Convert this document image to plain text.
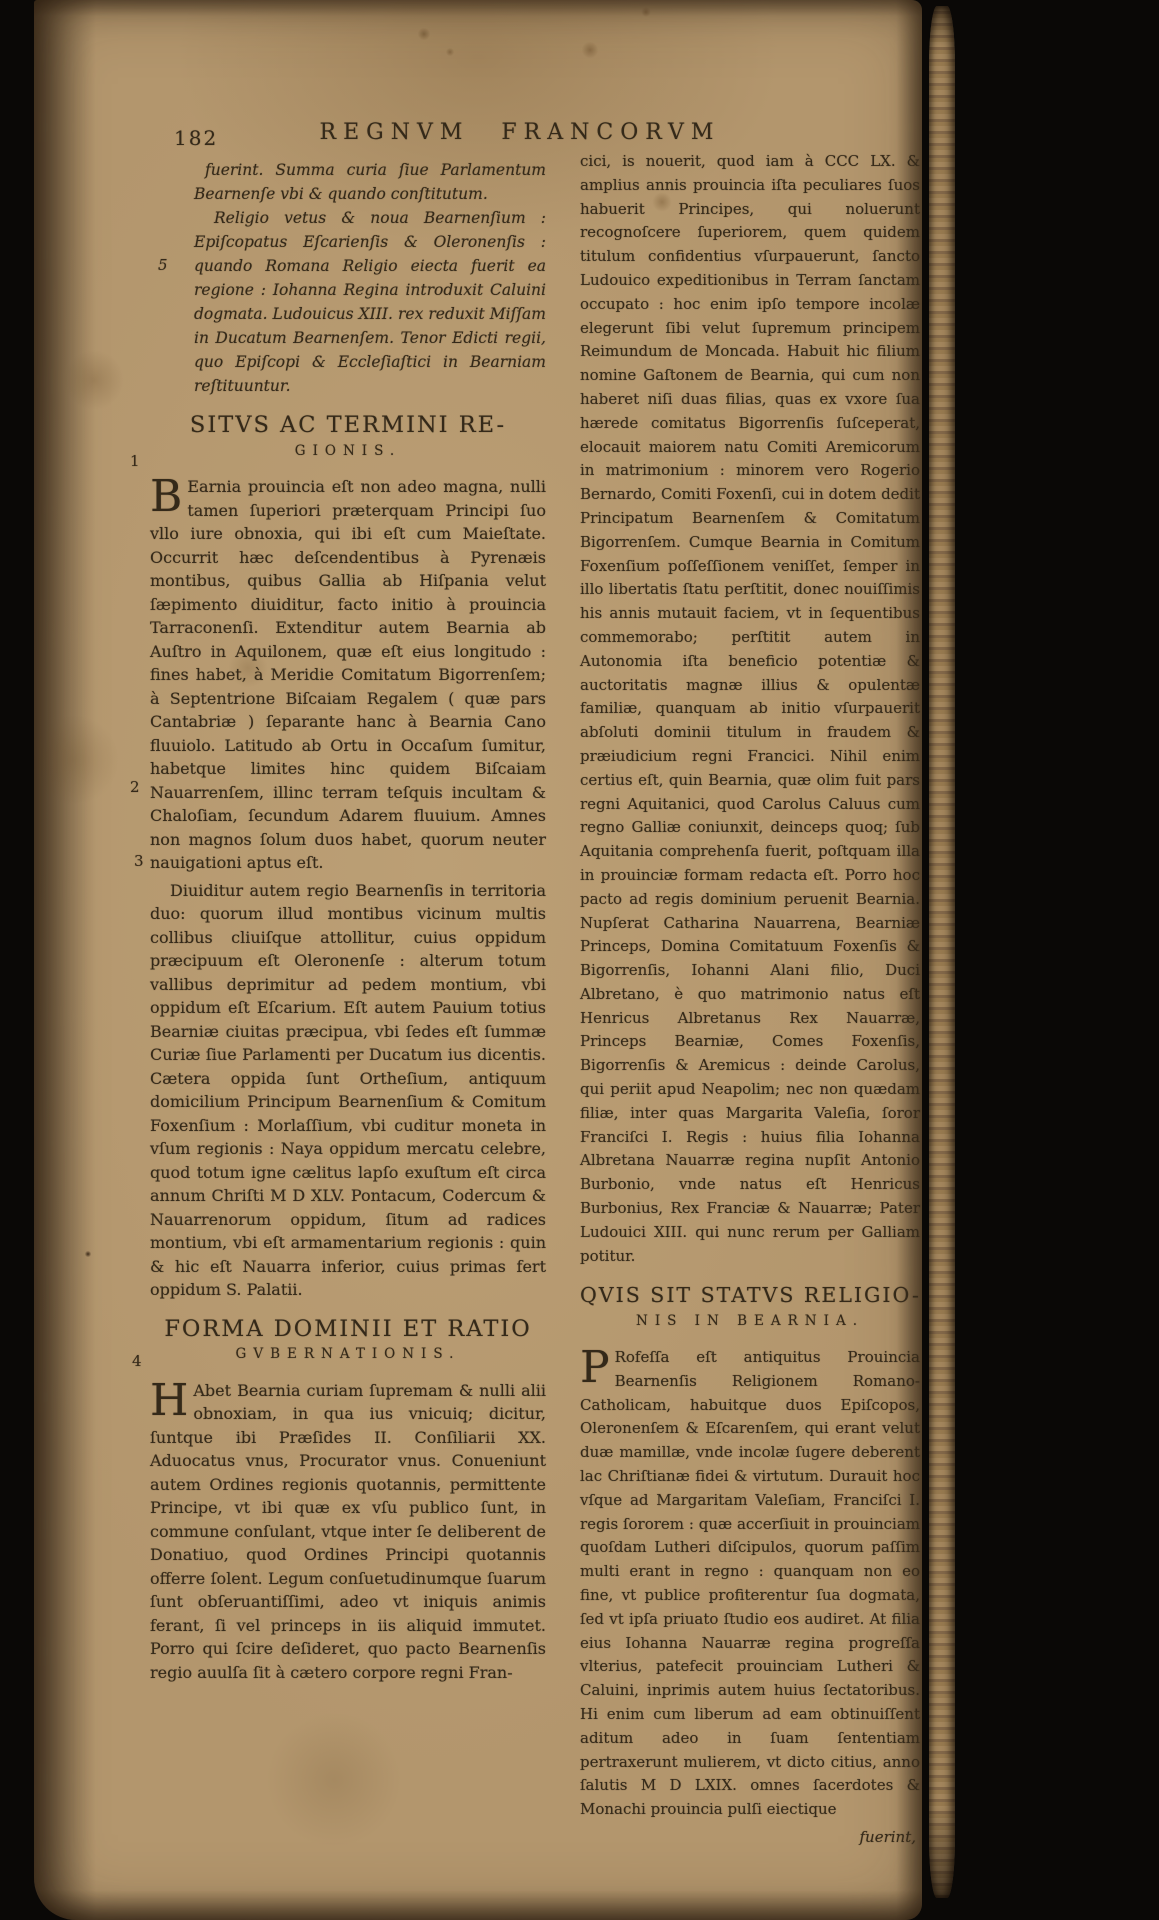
182	REGNVM FRANCORVM
5
1
2
3
4

fuerint. Summa curia ſiue Parlamentum Bearnenſe vbi & quando conſtitutum.

Religio vetus & noua Bearnenſium : Epiſcopatus Eſcarienſis & Oleronenſis : quando Romana Religio eiecta fuerit ea regione : Iohanna Regina introduxit Caluini dogmata. Ludouicus XIII. rex reduxit Miſſam in Ducatum Bearnenſem. Tenor Edicti regii, quo Epiſcopi & Eccleſiaſtici in Bearniam reſtituuntur.

SITVS AC TERMINI RE-
GIONIS.

B Earnia prouincia eſt non adeo magna, nulli tamen ſuperiori præterquam Principi ſuo vllo iure obnoxia, qui ibi eſt cum Maieſtate. Occurrit hæc deſcendentibus à Pyrenæis montibus, quibus Gallia ab Hiſpania velut ſæpimento diuiditur, facto initio à prouincia Tarraconenſi. Extenditur autem Bearnia ab Auſtro in Aquilonem, quæ eſt eius longitudo : fines habet, à Meridie Comitatum Bigorrenſem; à Septentrione Biſcaiam Regalem ( quæ pars Cantabriæ ) ſeparante hanc à Bearnia Cano fluuiolo. Latitudo ab Ortu in Occaſum ſumitur, habetque limites hinc quidem Biſcaiam Nauarrenſem, illinc terram teſquis incultam & Chaloſiam, ſecundum Adarem fluuium. Amnes non magnos ſolum duos habet, quorum neuter nauigationi aptus eſt.

Diuiditur autem regio Bearnenſis in territoria duo: quorum illud montibus vicinum multis collibus cliuiſque attollitur, cuius oppidum præcipuum eſt Oleronenſe : alterum totum vallibus deprimitur ad pedem montium, vbi oppidum eſt Eſcarium. Eſt autem Pauium totius Bearniæ ciuitas præcipua, vbi ſedes eſt ſummæ Curiæ ſiue Parlamenti per Ducatum ius dicentis. Cætera oppida ſunt Ortheſium, antiquum domicilium Principum Bearnenſium & Comitum Foxenſium : Morlaſſium, vbi cuditur moneta in vſum regionis : Naya oppidum mercatu celebre, quod totum igne cælitus lapſo exuſtum eſt circa annum Chriſti M D XLV. Pontacum, Codercum & Nauarrenorum oppidum, ſitum ad radices montium, vbi eſt armamentarium regionis : quin & hic eſt Nauarra inferior, cuius primas fert oppidum S. Palatii.

FORMA DOMINII ET RATIO
GVBERNATIONIS.

H Abet Bearnia curiam ſupremam & nulli alii obnoxiam, in qua ius vnicuiq; dicitur, ſuntque ibi Præſides II. Conſiliarii XX. Aduocatus vnus, Procurator vnus. Conueniunt autem Ordines regionis quotannis, permittente Principe, vt ibi quæ ex vſu publico ſunt, in commune conſulant, vtque inter ſe deliberent de Donatiuo, quod Ordines Principi quotannis offerre ſolent. Legum conſuetudinumque ſuarum ſunt obſeruantiſſimi, adeo vt iniquis animis ferant, ſi vel princeps in iis aliquid immutet. Porro qui ſcire deſideret, quo pacto Bearnenſis regio auulſa ſit à cætero corpore regni Fran-

cici, is nouerit, quod iam à CCC LX. & amplius annis prouincia iſta peculiares ſuos habuerit Principes, qui noluerunt recognoſcere ſuperiorem, quem quidem titulum confidentius vſurpauerunt, ſancto Ludouico expeditionibus in Terram ſanctam occupato : hoc enim ipſo tempore incolæ elegerunt ſibi velut ſupremum principem Reimundum de Moncada. Habuit hic filium nomine Gaſtonem de Bearnia, qui cum non haberet niſi duas filias, quas ex vxore ſua hærede comitatus Bigorrenſis ſuſceperat, elocauit maiorem natu Comiti Aremicorum in matrimonium : minorem vero Rogerio Bernardo, Comiti Foxenſi, cui in dotem dedit Principatum Bearnenſem & Comitatum Bigorrenſem. Cumque Bearnia in Comitum Foxenſium poſſeſſionem veniſſet, ſemper in illo libertatis ſtatu perſtitit, donec nouiſſimis his annis mutauit faciem, vt in ſequentibus commemorabo; perſtitit autem in Autonomia iſta beneficio potentiæ & auctoritatis magnæ illius & opulentæ familiæ, quanquam ab initio vſurpauerit abſoluti dominii titulum in fraudem & præiudicium regni Francici. Nihil enim certius eſt, quin Bearnia, quæ olim fuit pars regni Aquitanici, quod Carolus Caluus cum regno Galliæ coniunxit, deinceps quoq; ſub Aquitania comprehenſa fuerit, poſtquam illa in prouinciæ formam redacta eſt. Porro hoc pacto ad regis dominium peruenit Bearnia. Nupſerat Catharina Nauarrena, Bearniæ Princeps, Domina Comitatuum Foxenſis & Bigorrenſis, Iohanni Alani filio, Duci Albretano, è quo matrimonio natus eſt Henricus Albretanus Rex Nauarræ, Princeps Bearniæ, Comes Foxenſis, Bigorrenſis & Aremicus : deinde Carolus, qui periit apud Neapolim; nec non quædam filiæ, inter quas Margarita Valeſia, ſoror Franciſci I. Regis : huius filia Iohanna Albretana Nauarræ regina nupſit Antonio Burbonio, vnde natus eſt Henricus Burbonius, Rex Franciæ & Nauarræ; Pater Ludouici XIII. qui nunc rerum per Galliam potitur.

QVIS SIT STATVS RELIGIO-
NIS IN BEARNIA.

P Rofeſſa eſt antiquitus Prouincia Bearnenſis Religionem Romano-Catholicam, habuitque duos Epiſcopos, Oleronenſem & Eſcarenſem, qui erant velut duæ mamillæ, vnde incolæ ſugere deberent lac Chriſtianæ fidei & virtutum. Durauit hoc vſque ad Margaritam Valeſiam, Franciſci I. regis ſororem : quæ accerſiuit in prouinciam quoſdam Lutheri diſcipulos, quorum paſſim multi erant in regno : quanquam non eo fine, vt publice profiterentur ſua dogmata, ſed vt ipſa priuato ſtudio eos audiret. At filia eius Iohanna Nauarræ regina progreſſa vlterius, patefecit prouinciam Lutheri & Caluini, inprimis autem huius ſectatoribus. Hi enim cum liberum ad eam obtinuiſſent aditum adeo in ſuam ſententiam pertraxerunt mulierem, vt dicto citius, anno ſalutis M D LXIX. omnes ſacerdotes & Monachi prouincia pulſi eiectique

fuerint,
